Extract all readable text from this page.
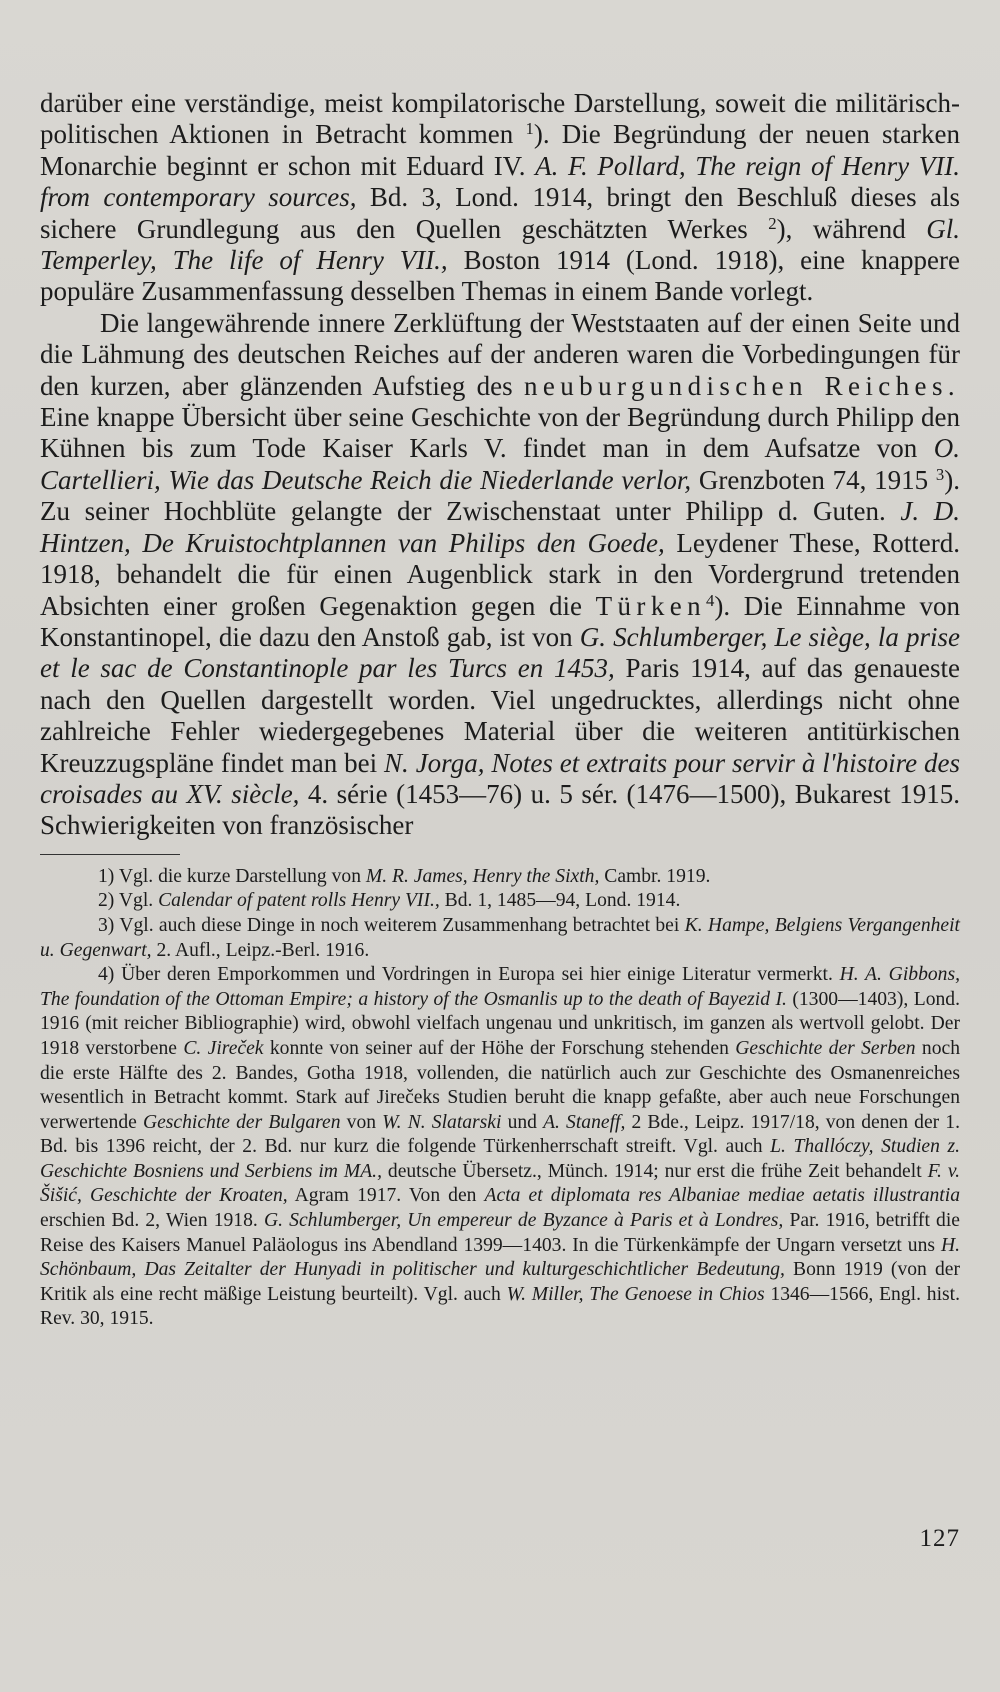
darüber eine verständige, meist kompilatorische Darstellung, soweit die militärisch-politischen Aktionen in Betracht kommen $^1$). Die Begründung der neuen starken Monarchie beginnt er schon mit Eduard IV. A. F. Pollard, The reign of Henry VII. from contemporary sources, Bd. 3, Lond. 1914, bringt den Beschluß dieses als sichere Grundlegung aus den Quellen geschätzten Werkes $^2$), während Gl. Temperley, The life of Henry VII., Boston 1914 (Lond. 1918), eine knappere populäre Zusammenfassung desselben Themas in einem Bande vorlegt.

Die langewährende innere Zerklüftung der Weststaaten auf der einen Seite und die Lähmung des deutschen Reiches auf der anderen waren die Vorbedingungen für den kurzen, aber glänzenden Aufstieg des neuburgundischen Reiches. Eine knappe Übersicht über seine Geschichte von der Begründung durch Philipp den Kühnen bis zum Tode Kaiser Karls V. findet man in dem Aufsatze von O. Cartellieri, Wie das Deutsche Reich die Niederlande verlor, Grenzboten 74, 1915 $^3$). Zu seiner Hochblüte gelangte der Zwischenstaat unter Philipp d. Guten. J. D. Hintzen, De Kruistochtplannen van Philips den Goede, Leydener These, Rotterd. 1918, behandelt die für einen Augenblick stark in den Vordergrund tretenden Absichten einer großen Gegenaktion gegen die Türken$^4$). Die Einnahme von Konstantinopel, die dazu den Anstoß gab, ist von G. Schlumberger, Le siège, la prise et le sac de Constantinople par les Turcs en 1453, Paris 1914, auf das genaueste nach den Quellen dargestellt worden. Viel ungedrucktes, allerdings nicht ohne zahlreiche Fehler wiedergegebenes Material über die weiteren antitürkischen Kreuzzugspläne findet man bei N. Jorga, Notes et extraits pour servir à l'histoire des croisades au XV. siècle, 4. série (1453—76) u. 5 sér. (1476—1500), Bukarest 1915. Schwierigkeiten von französischer

1) Vgl. die kurze Darstellung von M. R. James, Henry the Sixth, Cambr. 1919.

2) Vgl. Calendar of patent rolls Henry VII., Bd. 1, 1485—94, Lond. 1914.

3) Vgl. auch diese Dinge in noch weiterem Zusammenhang betrachtet bei K. Hampe, Belgiens Vergangenheit u. Gegenwart, 2. Aufl., Leipz.-Berl. 1916.

4) Über deren Emporkommen und Vordringen in Europa sei hier einige Literatur vermerkt. H. A. Gibbons, The foundation of the Ottoman Empire; a history of the Osmanlis up to the death of Bayezid I. (1300—1403), Lond. 1916 (mit reicher Bibliographie) wird, obwohl vielfach ungenau und unkritisch, im ganzen als wertvoll gelobt. Der 1918 verstorbene C. Jireček konnte von seiner auf der Höhe der Forschung stehenden Geschichte der Serben noch die erste Hälfte des 2. Bandes, Gotha 1918, vollenden, die natürlich auch zur Geschichte des Osmanenreiches wesentlich in Betracht kommt. Stark auf Jirečeks Studien beruht die knapp gefaßte, aber auch neue Forschungen verwertende Geschichte der Bulgaren von W. N. Slatarski und A. Staneff, 2 Bde., Leipz. 1917/18, von denen der 1. Bd. bis 1396 reicht, der 2. Bd. nur kurz die folgende Türkenherrschaft streift. Vgl. auch L. Thallóczy, Studien z. Geschichte Bosniens und Serbiens im MA., deutsche Übersetz., Münch. 1914; nur erst die frühe Zeit behandelt F. v. Šišić, Geschichte der Kroaten, Agram 1917. Von den Acta et diplomata res Albaniae mediae aetatis illustrantia erschien Bd. 2, Wien 1918. G. Schlumberger, Un empereur de Byzance à Paris et à Londres, Par. 1916, betrifft die Reise des Kaisers Manuel Paläologus ins Abendland 1399—1403. In die Türkenkämpfe der Ungarn versetzt uns H. Schönbaum, Das Zeitalter der Hunyadi in politischer und kulturgeschichtlicher Bedeutung, Bonn 1919 (von der Kritik als eine recht mäßige Leistung beurteilt). Vgl. auch W. Miller, The Genoese in Chios 1346—1566, Engl. hist. Rev. 30, 1915.

127
